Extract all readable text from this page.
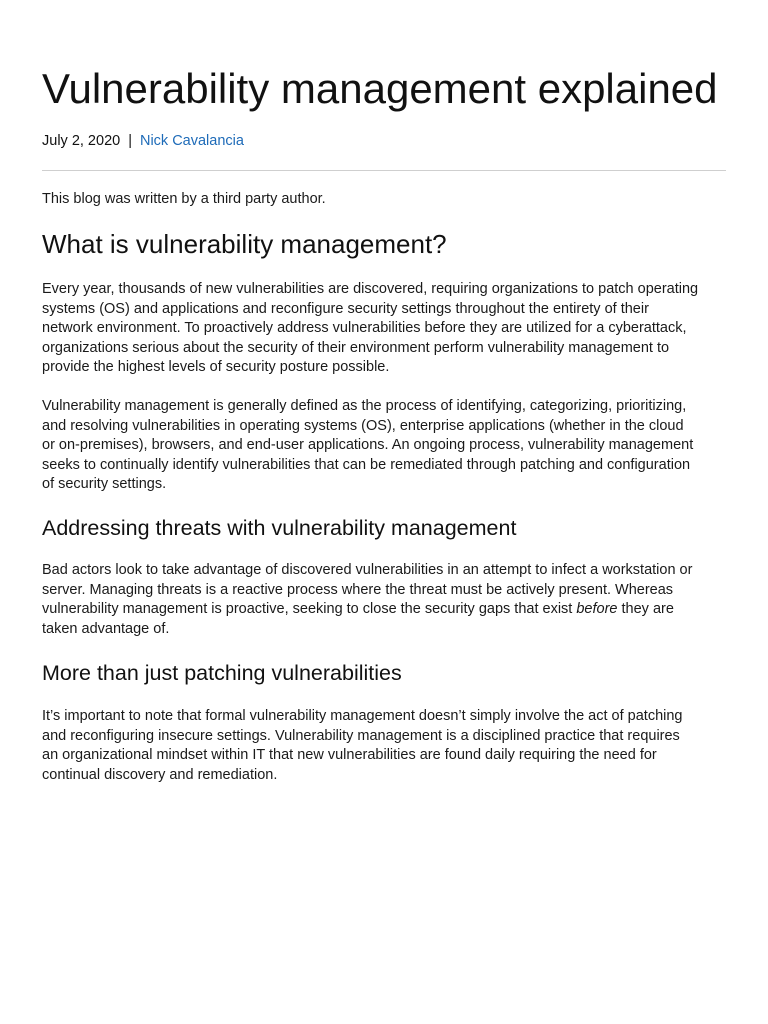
Vulnerability management explained
July 2, 2020 | Nick Cavalancia

This blog was written by a third party author.

What is vulnerability management?

Every year, thousands of new vulnerabilities are discovered, requiring organizations to patch operating
systems (OS) and applications and reconfigure security settings throughout the entirety of their
network environment. To proactively address vulnerabilities before they are utilized for a cyberattack,
organizations serious about the security of their environment perform vulnerability management to
provide the highest levels of security posture possible.

Vulnerability management is generally defined as the process of identifying, categorizing, prioritizing,
and resolving vulnerabilities in operating systems (OS), enterprise applications (whether in the cloud
or on-premises), browsers, and end-user applications. An ongoing process, vulnerability management
seeks to continually identify vulnerabilities that can be remediated through patching and configuration
of security settings.

Addressing threats with vulnerability management

Bad actors look to take advantage of discovered vulnerabilities in an attempt to infect a workstation or
server. Managing threats is a reactive process where the threat must be actively present. Whereas
vulnerability management is proactive, seeking to close the security gaps that exist before they are
taken advantage of.

More than just patching vulnerabilities

It’s important to note that formal vulnerability management doesn’t simply involve the act of patching
and reconfiguring insecure settings. Vulnerability management is a disciplined practice that requires
an organizational mindset within IT that new vulnerabilities are found daily requiring the need for
continual discovery and remediation.
